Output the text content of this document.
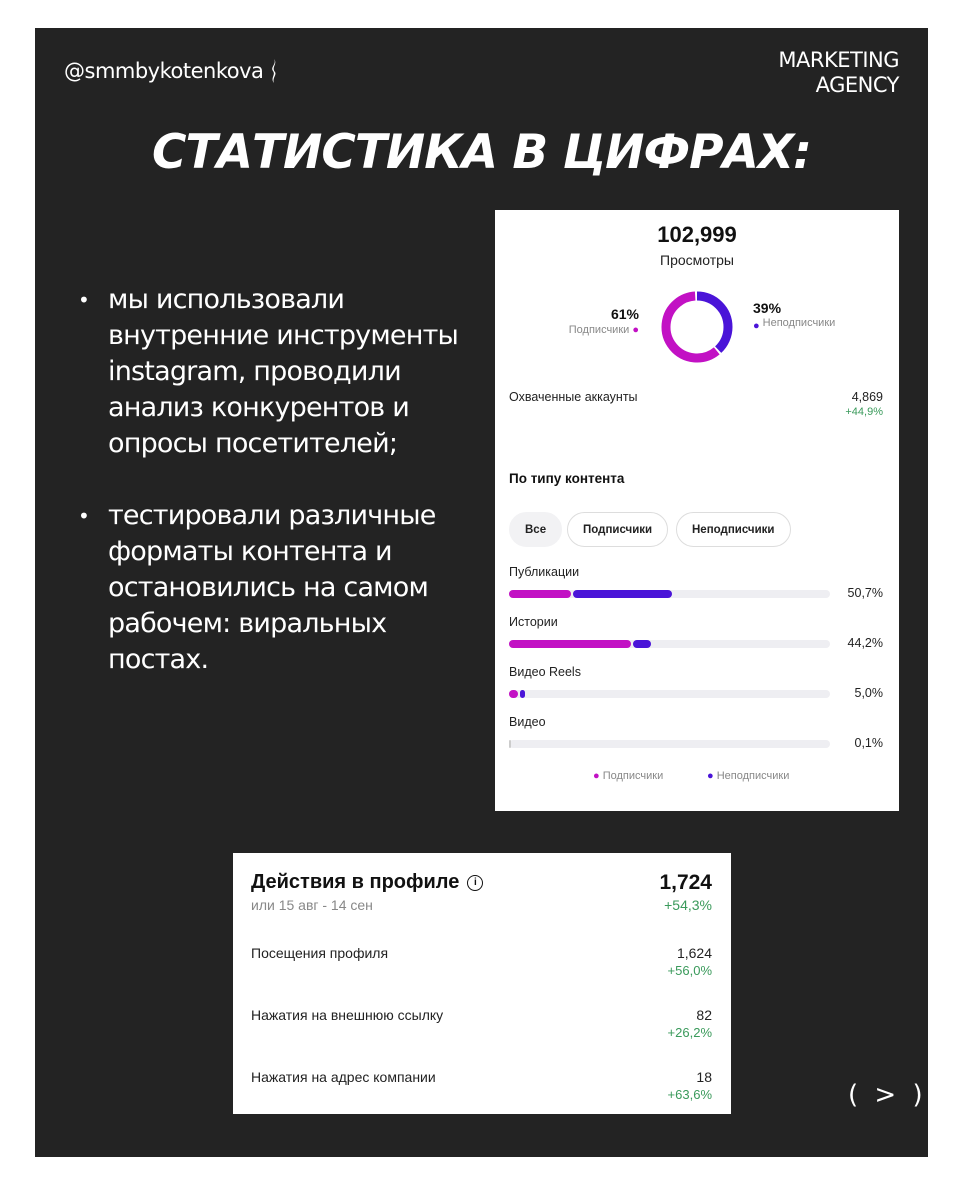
@smmbykotenkova	MARKETING
AGENCY
СТАТИСТИКА В ЦИФРАХ:
• мы использовали внутренние инструменты instagram, проводили анализ конкурентов и опросы посетителей;
• тестировали различные форматы контента и остановились на самом рабочем: виральных постах.
102,999
Просмотры
61%
Подписчики ●
39%
● Неподписчики
Охваченные аккаунты	4,869
+44,9%
По типу контента
Все	Подписчики	Неподписчики
Публикации
50,7%
Истории
44,2%
Видео Reels
5,0%
Видео
0,1%
● Подписчики	● Неподписчики
Действия в профиле	i
или 15 авг - 14 сен
1,724
+54,3%
Посещения профиля	1,624
+56,0%
Нажатия на внешнюю ссылку	82
+26,2%
Нажатия на адрес компании	18
+63,6%	( > )
